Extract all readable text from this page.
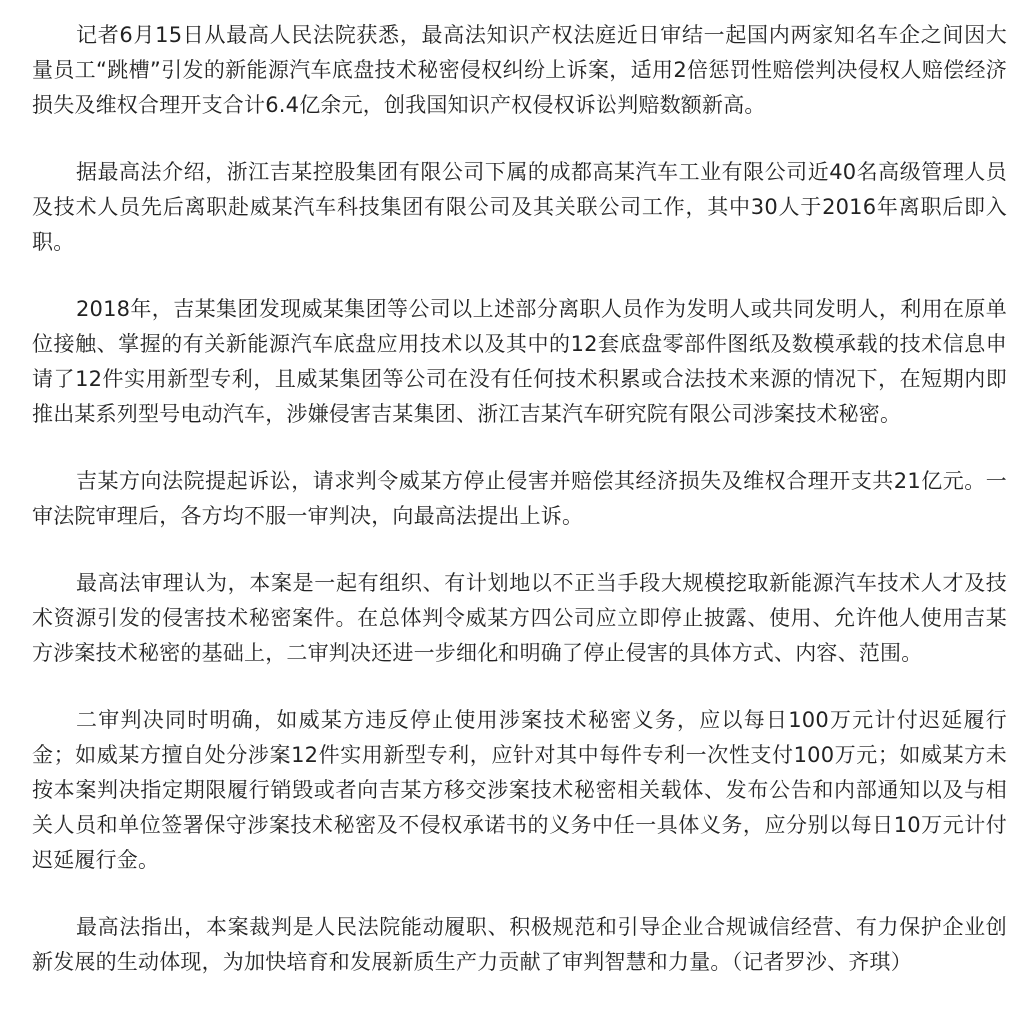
记者6月15日从最高人民法院获悉，最高法知识产权法庭近日审结一起国内两家知名车企之间因大量员工“跳槽”引发的新能源汽车底盘技术秘密侵权纠纷上诉案，适用2倍惩罚性赔偿判决侵权人赔偿经济损失及维权合理开支合计6.4亿余元，创我国知识产权侵权诉讼判赔数额新高。

据最高法介绍，浙江吉某控股集团有限公司下属的成都高某汽车工业有限公司近40名高级管理人员及技术人员先后离职赴威某汽车科技集团有限公司及其关联公司工作，其中30人于2016年离职后即入职。

2018年，吉某集团发现威某集团等公司以上述部分离职人员作为发明人或共同发明人，利用在原单位接触、掌握的有关新能源汽车底盘应用技术以及其中的12套底盘零部件图纸及数模承载的技术信息申请了12件实用新型专利，且威某集团等公司在没有任何技术积累或合法技术来源的情况下，在短期内即推出某系列型号电动汽车，涉嫌侵害吉某集团、浙江吉某汽车研究院有限公司涉案技术秘密。

吉某方向法院提起诉讼，请求判令威某方停止侵害并赔偿其经济损失及维权合理开支共21亿元。一审法院审理后，各方均不服一审判决，向最高法提出上诉。

最高法审理认为，本案是一起有组织、有计划地以不正当手段大规模挖取新能源汽车技术人才及技术资源引发的侵害技术秘密案件。在总体判令威某方四公司应立即停止披露、使用、允许他人使用吉某方涉案技术秘密的基础上，二审判决还进一步细化和明确了停止侵害的具体方式、内容、范围。

二审判决同时明确，如威某方违反停止使用涉案技术秘密义务，应以每日100万元计付迟延履行金；如威某方擅自处分涉案12件实用新型专利，应针对其中每件专利一次性支付100万元；如威某方未按本案判决指定期限履行销毁或者向吉某方移交涉案技术秘密相关载体、发布公告和内部通知以及与相关人员和单位签署保守涉案技术秘密及不侵权承诺书的义务中任一具体义务，应分别以每日10万元计付迟延履行金。

最高法指出，本案裁判是人民法院能动履职、积极规范和引导企业合规诚信经营、有力保护企业创新发展的生动体现，为加快培育和发展新质生产力贡献了审判智慧和力量。（记者罗沙、齐琪）
